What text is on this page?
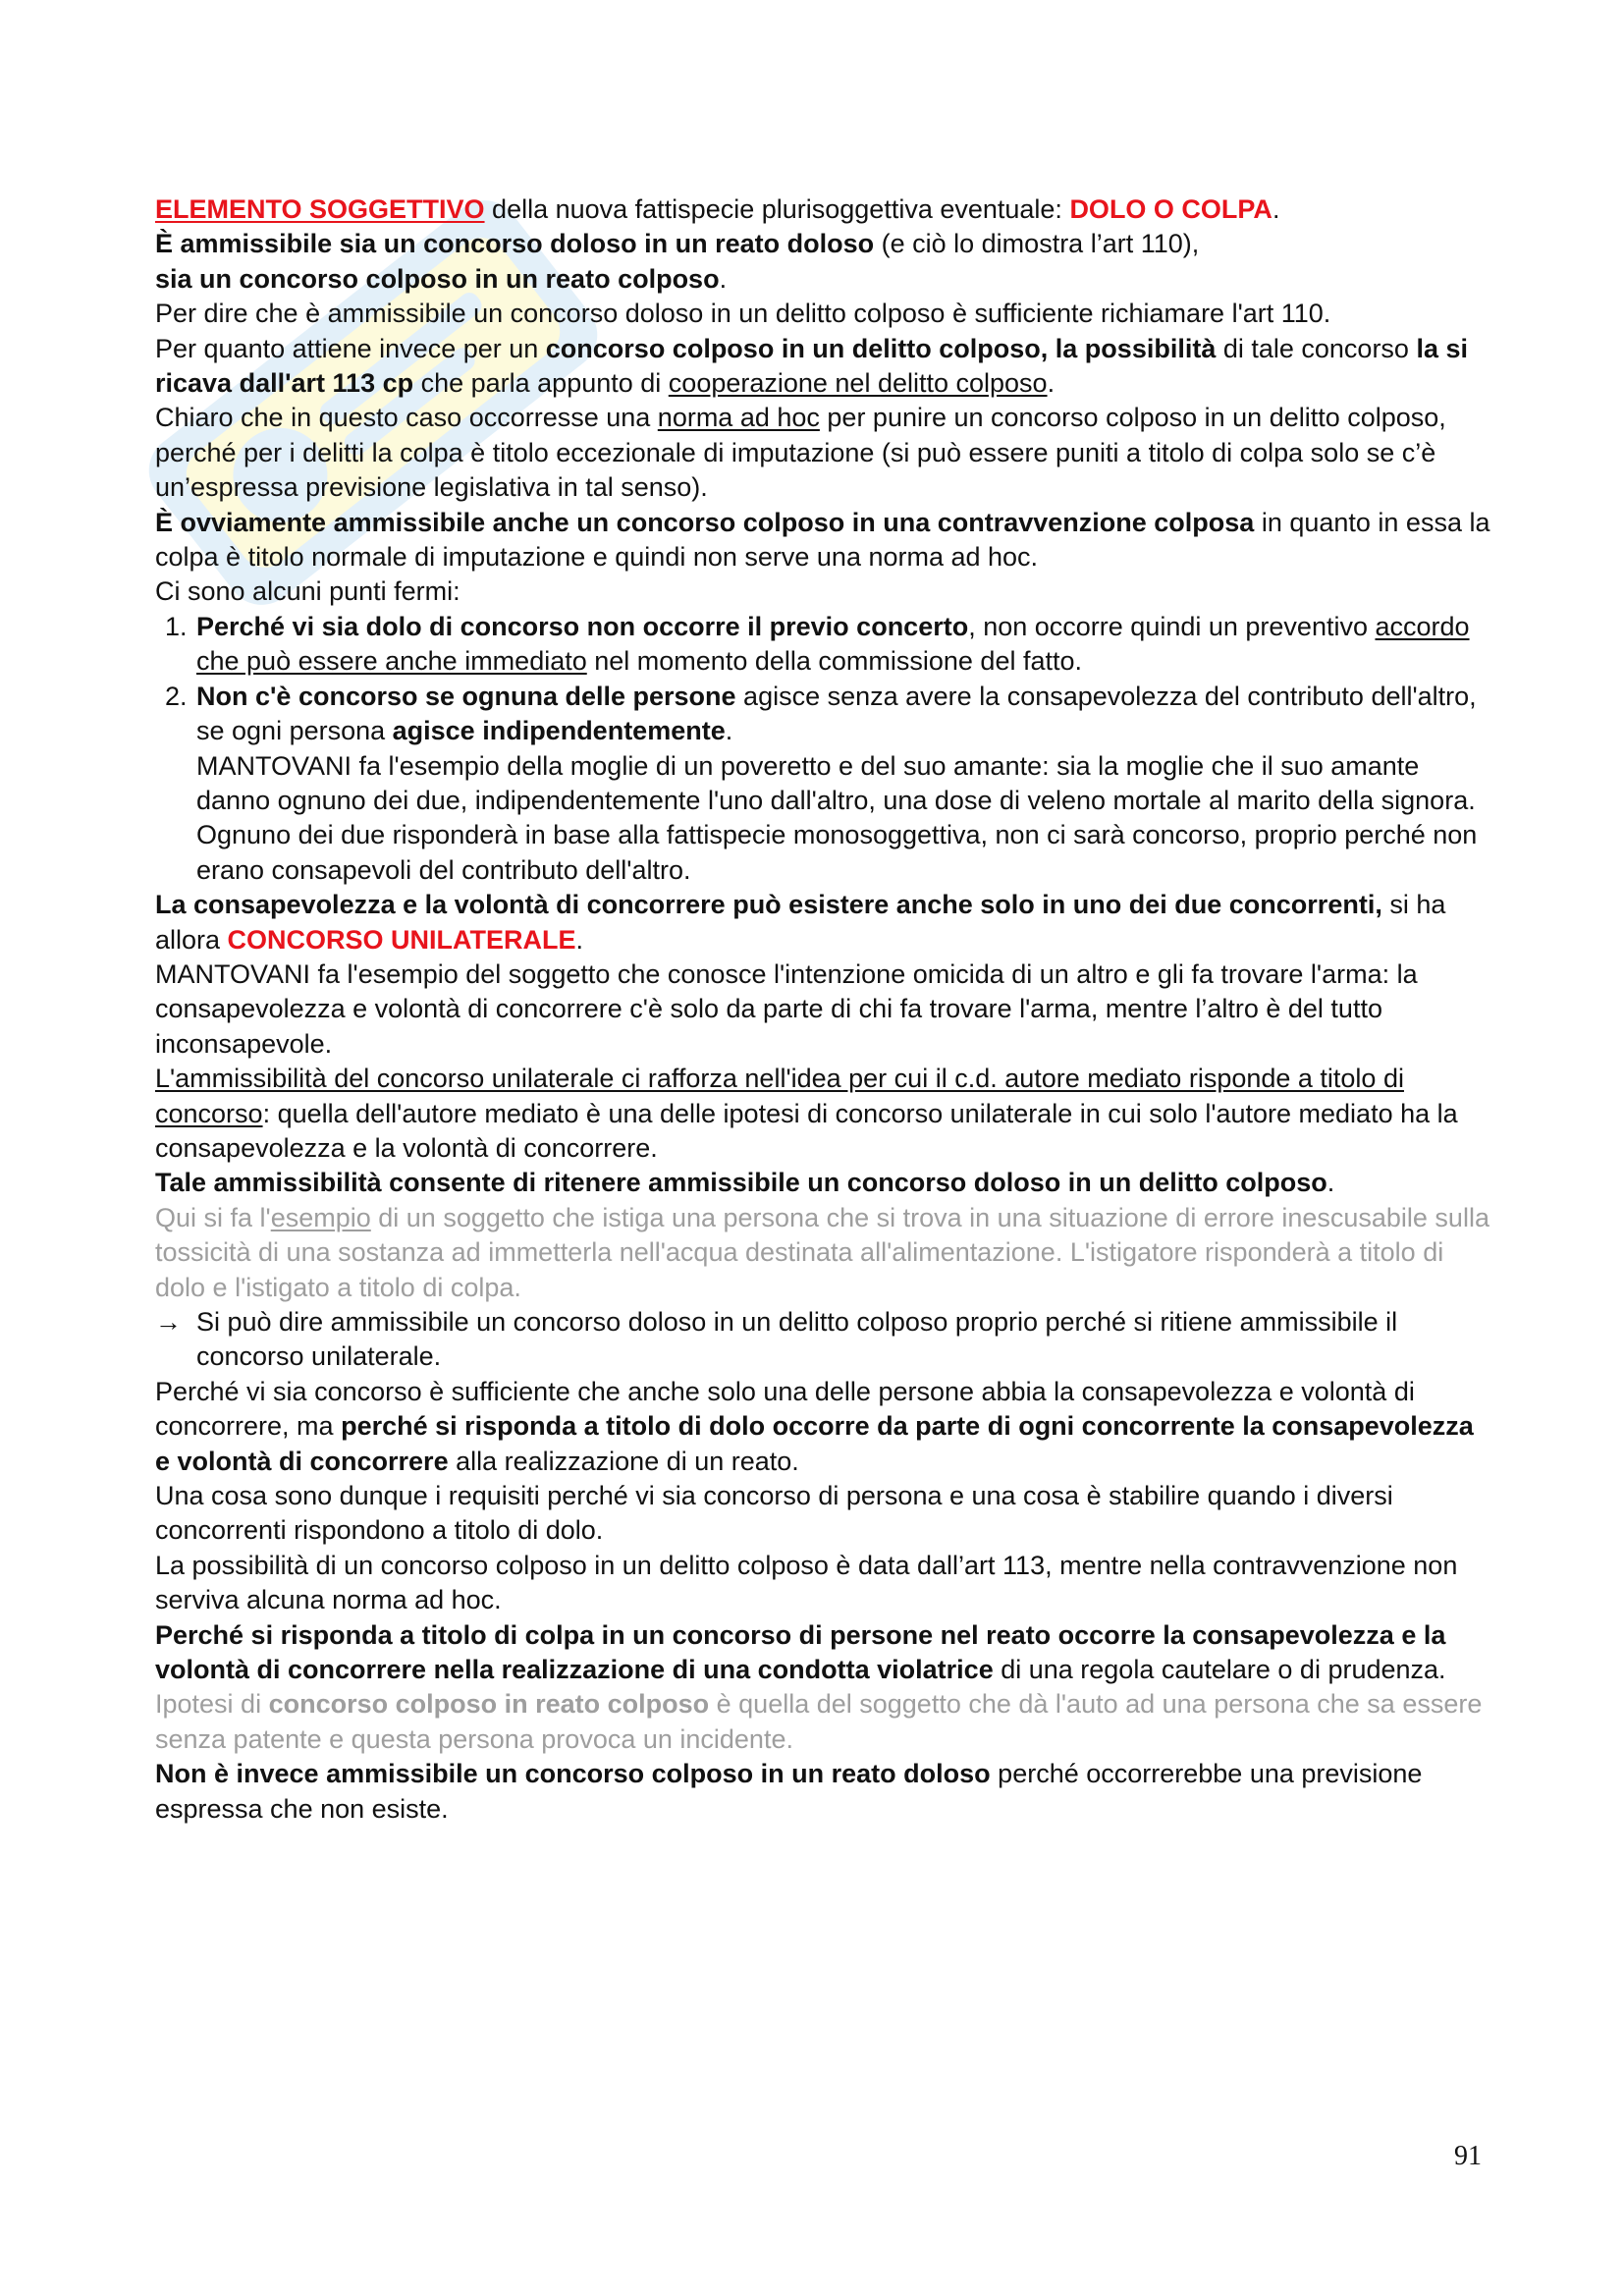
ELEMENTO SOGGETTIVO della nuova fattispecie plurisoggettiva eventuale: DOLO O COLPA.

È ammissibile sia un concorso doloso in un reato doloso (e ciò lo dimostra l’art 110),

sia un concorso colposo in un reato colposo.

Per dire che è ammissibile un concorso doloso in un delitto colposo è sufficiente richiamare l'art 110.

Per quanto attiene invece per un concorso colposo in un delitto colposo, la possibilità di tale concorso la si ricava dall'art 113 cp che parla appunto di cooperazione nel delitto colposo.

Chiaro che in questo caso occorresse una norma ad hoc per punire un concorso colposo in un delitto colposo, perché per i delitti la colpa è titolo eccezionale di imputazione (si può essere puniti a titolo di colpa solo se c’è un’espressa previsione legislativa in tal senso).

È ovviamente ammissibile anche un concorso colposo in una contravvenzione colposa in quanto in essa la colpa è titolo normale di imputazione e quindi non serve una norma ad hoc.

Ci sono alcuni punti fermi:

1. Perché vi sia dolo di concorso non occorre il previo concerto, non occorre quindi un preventivo accordo che può essere anche immediato nel momento della commissione del fatto.
2. Non c'è concorso se ognuna delle persone agisce senza avere la consapevolezza del contributo dell'altro, se ogni persona agisce indipendentemente.

MANTOVANI fa l'esempio della moglie di un poveretto e del suo amante: sia la moglie che il suo amante danno ognuno dei due, indipendentemente l'uno dall'altro, una dose di veleno mortale al marito della signora. Ognuno dei due risponderà in base alla fattispecie monosoggettiva, non ci sarà concorso, proprio perché non erano consapevoli del contributo dell'altro.

La consapevolezza e la volontà di concorrere può esistere anche solo in uno dei due concorrenti, si ha allora CONCORSO UNILATERALE.

MANTOVANI fa l'esempio del soggetto che conosce l'intenzione omicida di un altro e gli fa trovare l'arma: la consapevolezza e volontà di concorrere c'è solo da parte di chi fa trovare l'arma, mentre l’altro è del tutto inconsapevole.

L'ammissibilità del concorso unilaterale ci rafforza nell'idea per cui il c.d. autore mediato risponde a titolo di concorso: quella dell'autore mediato è una delle ipotesi di concorso unilaterale in cui solo l'autore mediato ha la consapevolezza e la volontà di concorrere.

Tale ammissibilità consente di ritenere ammissibile un concorso doloso in un delitto colposo.

Qui si fa l'esempio di un soggetto che istiga una persona che si trova in una situazione di errore inescusabile sulla tossicità di una sostanza ad immetterla nell'acqua destinata all'alimentazione. L'istigatore risponderà a titolo di dolo e l'istigato a titolo di colpa.

→ Si può dire ammissibile un concorso doloso in un delitto colposo proprio perché si ritiene ammissibile il concorso unilaterale.

Perché vi sia concorso è sufficiente che anche solo una delle persone abbia la consapevolezza e volontà di concorrere, ma perché si risponda a titolo di dolo occorre da parte di ogni concorrente la consapevolezza e volontà di concorrere alla realizzazione di un reato.

Una cosa sono dunque i requisiti perché vi sia concorso di persona e una cosa è stabilire quando i diversi concorrenti rispondono a titolo di dolo.

La possibilità di un concorso colposo in un delitto colposo è data dall’art 113, mentre nella contravvenzione non serviva alcuna norma ad hoc.

Perché si risponda a titolo di colpa in un concorso di persone nel reato occorre la consapevolezza e la volontà di concorrere nella realizzazione di una condotta violatrice di una regola cautelare o di prudenza.

Ipotesi di concorso colposo in reato colposo è quella del soggetto che dà l'auto ad una persona che sa essere senza patente e questa persona provoca un incidente.

Non è invece ammissibile un concorso colposo in un reato doloso perché occorrerebbe una previsione espressa che non esiste.

91
